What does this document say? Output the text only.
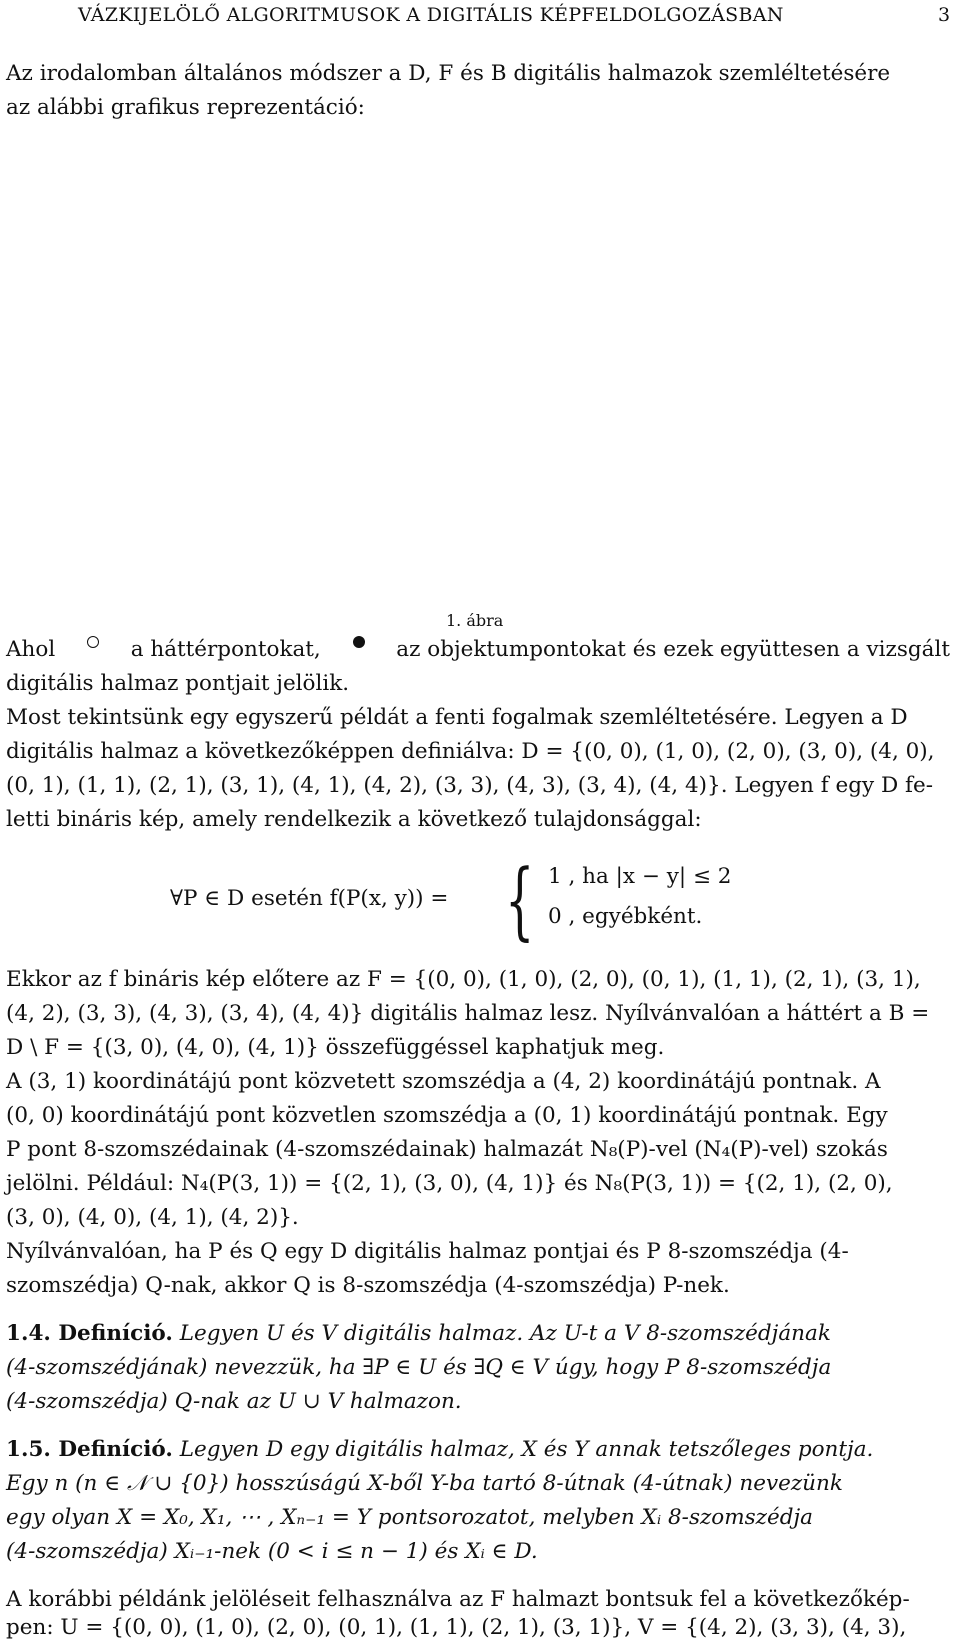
VÁZKIJELÖLŐ ALGORITMUSOK A DIGITÁLIS KÉPFELDOLGOZÁSBAN	3
Az irodalomban általános módszer a D, F és B digitális halmazok szemléltetésére
az alábbi grafikus reprezentáció:
1. ábra
Ahol	a háttérpontokat,	az objektumpontokat és ezek együttesen a vizsgált
digitális halmaz pontjait jelölik.
Most tekintsünk egy egyszerű példát a fenti fogalmak szemléltetésére. Legyen a D
digitális halmaz a következőképpen definiálva: D = {(0, 0), (1, 0), (2, 0), (3, 0), (4, 0),
(0, 1), (1, 1), (2, 1), (3, 1), (4, 1), (4, 2), (3, 3), (4, 3), (3, 4), (4, 4)}. Legyen f egy D fe-
letti bináris kép, amely rendelkezik a következő tulajdonsággal:
∀P ∈ D esetén f(P(x, y)) = { 1 , ha |x − y| ≤ 2
0 , egyébként.
Ekkor az f bináris kép előtere az F = {(0, 0), (1, 0), (2, 0), (0, 1), (1, 1), (2, 1), (3, 1),
(4, 2), (3, 3), (4, 3), (3, 4), (4, 4)} digitális halmaz lesz. Nyílvánvalóan a háttért a B =
D \ F = {(3, 0), (4, 0), (4, 1)} összefüggéssel kaphatjuk meg.
A (3, 1) koordinátájú pont közvetett szomszédja a (4, 2) koordinátájú pontnak. A
(0, 0) koordinátájú pont közvetlen szomszédja a (0, 1) koordinátájú pontnak. Egy
P pont 8-szomszédainak (4-szomszédainak) halmazát N₈(P)-vel (N₄(P)-vel) szokás
jelölni. Például: N₄(P(3, 1)) = {(2, 1), (3, 0), (4, 1)} és N₈(P(3, 1)) = {(2, 1), (2, 0),
(3, 0), (4, 0), (4, 1), (4, 2)}.
Nyílvánvalóan, ha P és Q egy D digitális halmaz pontjai és P 8-szomszédja (4-
szomszédja) Q-nak, akkor Q is 8-szomszédja (4-szomszédja) P-nek.
1.4. Definíció. Legyen U és V digitális halmaz. Az U-t a V 8-szomszédjának
(4-szomszédjának) nevezzük, ha ∃P ∈ U és ∃Q ∈ V úgy, hogy P 8-szomszédja
(4-szomszédja) Q-nak az U ∪ V halmazon.
1.5. Definíció. Legyen D egy digitális halmaz, X és Y annak tetszőleges pontja.
Egy n (n ∈ 𝒩 ∪ {0}) hosszúságú X-ből Y-ba tartó 8-útnak (4-útnak) nevezünk
egy olyan X = X₀, X₁, ⋯ , Xₙ₋₁ = Y pontsorozatot, melyben Xᵢ 8-szomszédja
(4-szomszédja) Xᵢ₋₁-nek (0 < i ≤ n − 1) és Xᵢ ∈ D.
A korábbi példánk jelöléseit felhasználva az F halmazt bontsuk fel a következőkép-
pen: U = {(0, 0), (1, 0), (2, 0), (0, 1), (1, 1), (2, 1), (3, 1)}, V = {(4, 2), (3, 3), (4, 3),
